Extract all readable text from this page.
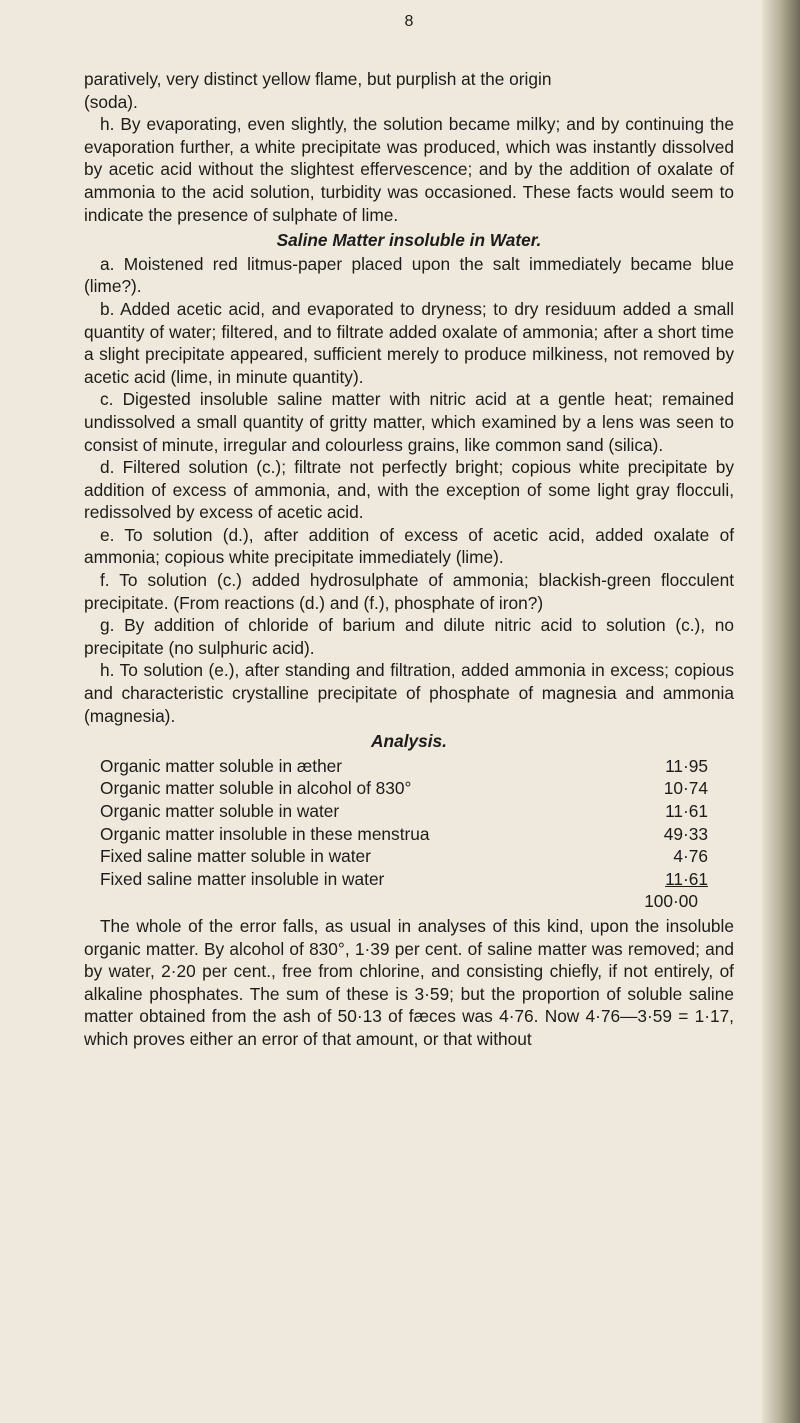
8

paratively, very distinct yellow flame, but purplish at the origin

(soda).

h. By evaporating, even slightly, the solution became milky; and by continuing the evaporation further, a white precipitate was produced, which was instantly dissolved by acetic acid without the slightest effervescence; and by the addition of oxalate of ammonia to the acid solution, turbidity was occasioned. These facts would seem to indicate the presence of sulphate of lime.

Saline Matter insoluble in Water.

a. Moistened red litmus-paper placed upon the salt immediately became blue (lime?).

b. Added acetic acid, and evaporated to dryness; to dry residuum added a small quantity of water; filtered, and to filtrate added oxalate of ammonia; after a short time a slight precipitate appeared, sufficient merely to produce milkiness, not removed by acetic acid (lime, in minute quantity).

c. Digested insoluble saline matter with nitric acid at a gentle heat; remained undissolved a small quantity of gritty matter, which examined by a lens was seen to consist of minute, irregular and colourless grains, like common sand (silica).

d. Filtered solution (c.); filtrate not perfectly bright; copious white precipitate by addition of excess of ammonia, and, with the exception of some light gray flocculi, redissolved by excess of acetic acid.

e. To solution (d.), after addition of excess of acetic acid, added oxalate of ammonia; copious white precipitate immediately (lime).

f. To solution (c.) added hydrosulphate of ammonia; blackish-green flocculent precipitate. (From reactions (d.) and (f.), phosphate of iron?)

g. By addition of chloride of barium and dilute nitric acid to solution (c.), no precipitate (no sulphuric acid).

h. To solution (e.), after standing and filtration, added ammonia in excess; copious and characteristic crystalline precipitate of phosphate of magnesia and ammonia (magnesia).

Analysis.
Organic matter soluble in æther	11·95
Organic matter soluble in alcohol of 830°	10·74
Organic matter soluble in water	11·61
Organic matter insoluble in these menstrua	49·33
Fixed saline matter soluble in water	4·76
Fixed saline matter insoluble in water	11·61
100·00

The whole of the error falls, as usual in analyses of this kind, upon the insoluble organic matter. By alcohol of 830°, 1·39 per cent. of saline matter was removed; and by water, 2·20 per cent., free from chlorine, and consisting chiefly, if not entirely, of alkaline phosphates. The sum of these is 3·59; but the proportion of soluble saline matter obtained from the ash of 50·13 of fæces was 4·76. Now 4·76—3·59 = 1·17, which proves either an error of that amount, or that without
